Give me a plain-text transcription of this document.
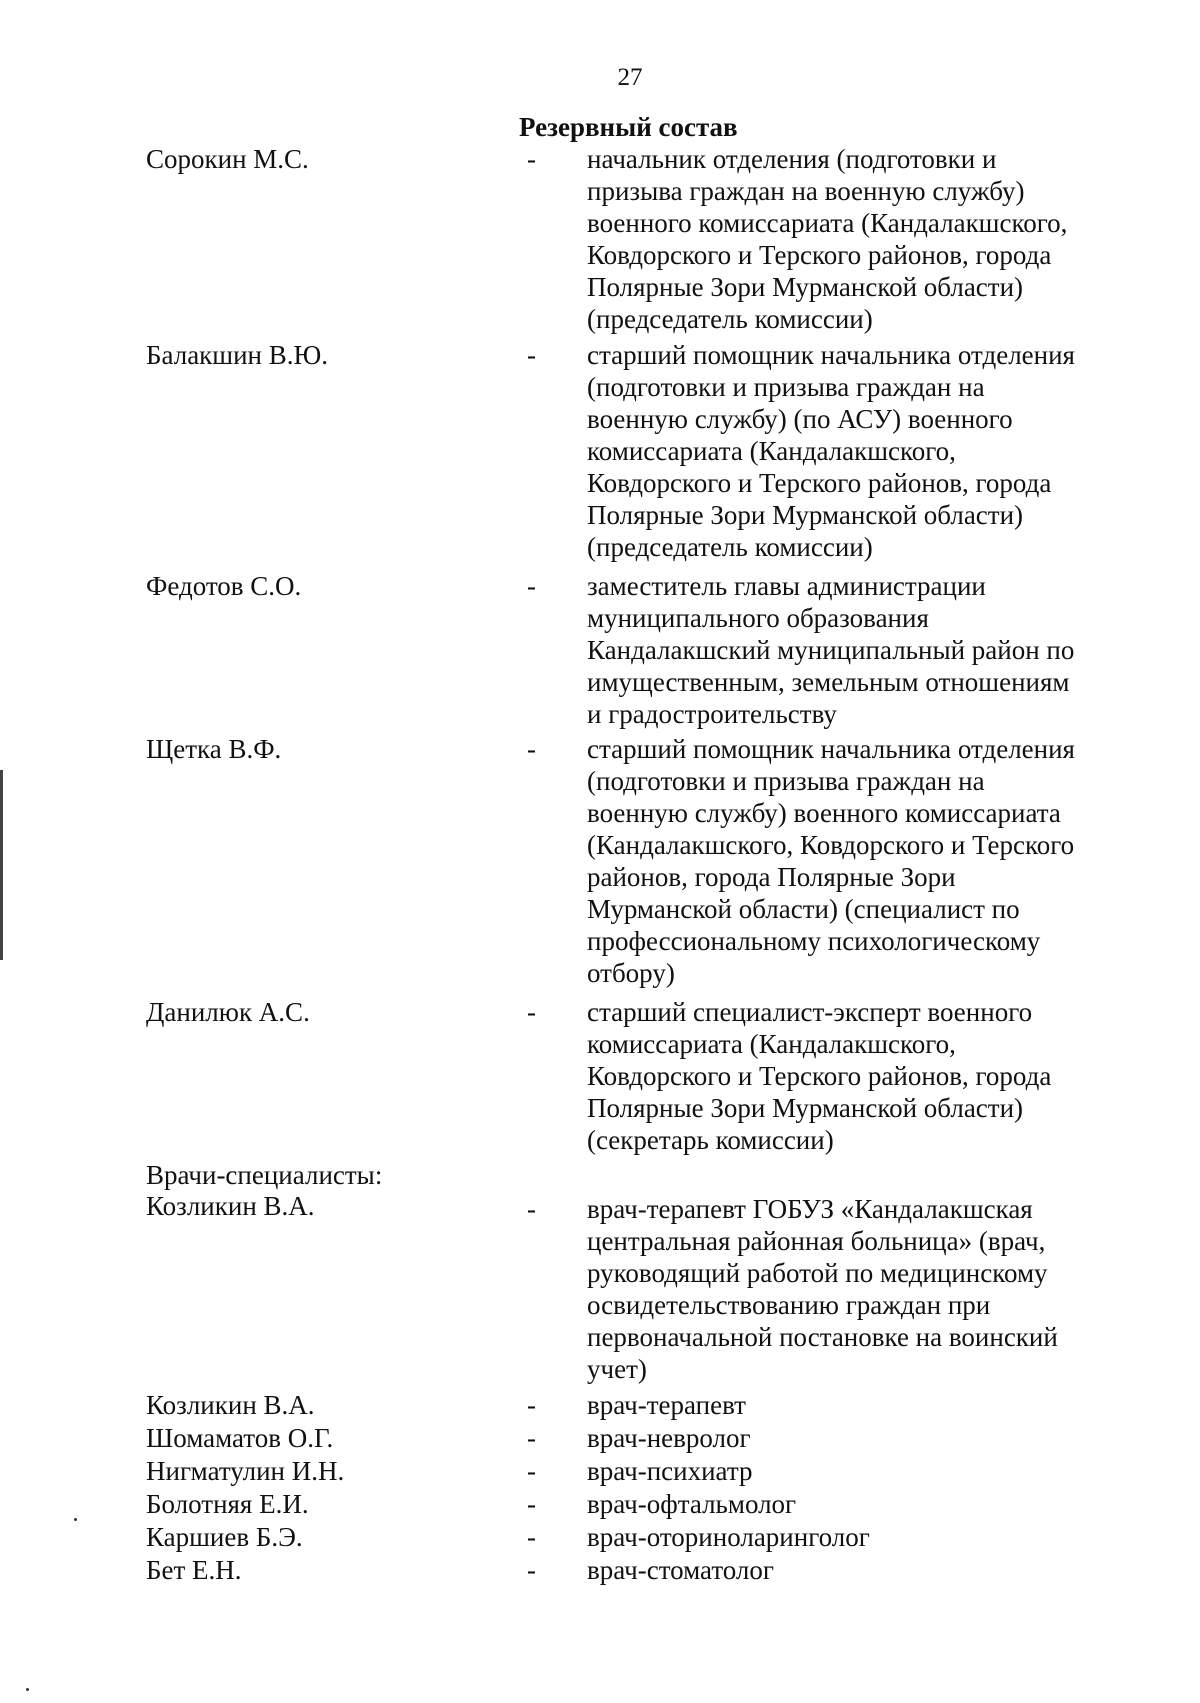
27
Резервный состав
Сорокин М.С.	- начальник отделения (подготовки и
призыва граждан на военную службу)
военного комиссариата (Кандалакшского,
Ковдорского и Терского районов, города
Полярные Зори Мурманской области)
(председатель комиссии)
Балакшин В.Ю.	- старший помощник начальника отделения
(подготовки и призыва граждан на
военную службу) (по АСУ) военного
комиссариата (Кандалакшского,
Ковдорского и Терского районов, города
Полярные Зори Мурманской области)
(председатель комиссии)
Федотов С.О.	- заместитель главы администрации
муниципального образования
Кандалакшский муниципальный район по
имущественным, земельным отношениям
и градостроительству
Щетка В.Ф.	- старший помощник начальника отделения
(подготовки и призыва граждан на
военную службу) военного комиссариата
(Кандалакшского, Ковдорского и Терского
районов, города Полярные Зори
Мурманской области) (специалист по
профессиональному психологическому
отбору)
Данилюк А.С.	- старший специалист-эксперт военного
комиссариата (Кандалакшского,
Ковдорского и Терского районов, города
Полярные Зори Мурманской области)
(секретарь комиссии)
Врачи-специалисты:
Козликин В.А.	- врач-терапевт ГОБУЗ «Кандалакшская
центральная районная больница» (врач,
руководящий работой по медицинскому
освидетельствованию граждан при
первоначальной постановке на воинский
учет)
Козликин В.А.	- врач-терапевт
Шомаматов О.Г.	- врач-невролог
Нигматулин И.Н.	- врач-психиатр
Болотняя Е.И.	- врач-офтальмолог
Каршиев Б.Э.	- врач-оториноларинголог
Бет Е.Н.	- врач-стоматолог
